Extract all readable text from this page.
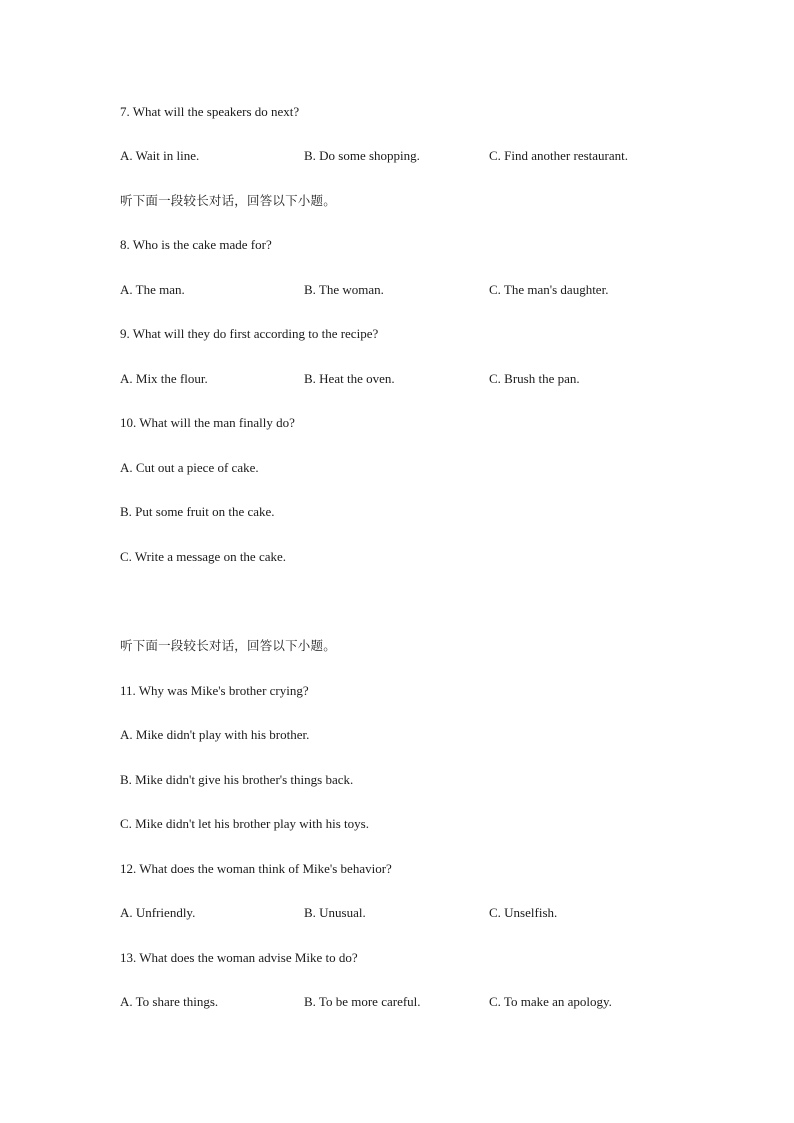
7. What will the speakers do next?
A. Wait in line.	B. Do some shopping.	C. Find another restaurant.
听下面一段较长对话，回答以下小题。
8. Who is the cake made for?
A. The man.	B. The woman.	C. The man's daughter.
9. What will they do first according to the recipe?
A. Mix the flour.	B. Heat the oven.	C. Brush the pan.
10. What will the man finally do?
A. Cut out a piece of cake.
B. Put some fruit on the cake.
C. Write a message on the cake.
听下面一段较长对话，回答以下小题。
11. Why was Mike's brother crying?
A. Mike didn't play with his brother.
B. Mike didn't give his brother's things back.
C. Mike didn't let his brother play with his toys.
12. What does the woman think of Mike's behavior?
A. Unfriendly.	B. Unusual.	C. Unselfish.
13. What does the woman advise Mike to do?
A. To share things.	B. To be more careful.	C. To make an apology.
